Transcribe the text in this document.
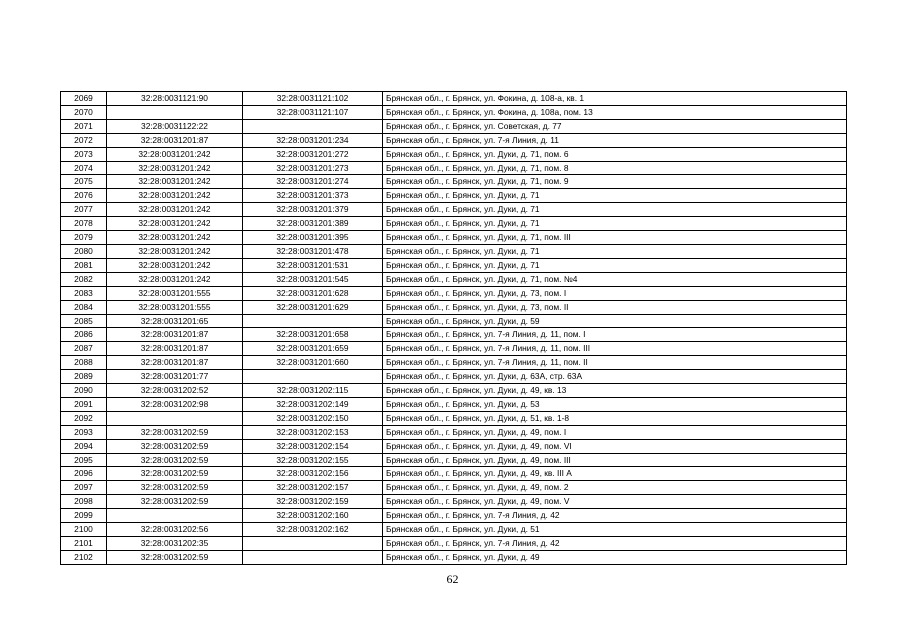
2069	32:28:0031121:90	32:28:0031121:102	Брянская обл., г. Брянск, ул. Фокина, д. 108-а, кв. 1
2070		32:28:0031121:107	Брянская обл., г. Брянск, ул. Фокина, д. 108а, пом. 13
2071	32:28:0031122:22		Брянская обл., г. Брянск, ул. Советская, д. 77
2072	32:28:0031201:87	32:28:0031201:234	Брянская обл., г. Брянск, ул. 7-я Линия, д. 11
2073	32:28:0031201:242	32:28:0031201:272	Брянская обл., г. Брянск, ул. Дуки, д. 71, пом. 6
2074	32:28:0031201:242	32:28:0031201:273	Брянская обл., г. Брянск, ул. Дуки, д. 71, пом. 8
2075	32:28:0031201:242	32:28:0031201:274	Брянская обл., г. Брянск, ул. Дуки, д. 71, пом. 9
2076	32:28:0031201:242	32:28:0031201:373	Брянская обл., г. Брянск, ул. Дуки, д. 71
2077	32:28:0031201:242	32:28:0031201:379	Брянская обл., г. Брянск, ул. Дуки, д. 71
2078	32:28:0031201:242	32:28:0031201:389	Брянская обл., г. Брянск, ул. Дуки, д. 71
2079	32:28:0031201:242	32:28:0031201:395	Брянская обл., г. Брянск, ул. Дуки, д. 71, пом. III
2080	32:28:0031201:242	32:28:0031201:478	Брянская обл., г. Брянск, ул. Дуки, д. 71
2081	32:28:0031201:242	32:28:0031201:531	Брянская обл., г. Брянск, ул. Дуки, д. 71
2082	32:28:0031201:242	32:28:0031201:545	Брянская обл., г. Брянск, ул. Дуки, д. 71, пом. №4
2083	32:28:0031201:555	32:28:0031201:628	Брянская обл., г. Брянск, ул. Дуки, д. 73, пом. I
2084	32:28:0031201:555	32:28:0031201:629	Брянская обл., г. Брянск, ул. Дуки, д. 73, пом. II
2085	32:28:0031201:65		Брянская обл., г. Брянск, ул. Дуки, д. 59
2086	32:28:0031201:87	32:28:0031201:658	Брянская обл., г. Брянск, ул. 7-я Линия, д. 11, пом. I
2087	32:28:0031201:87	32:28:0031201:659	Брянская обл., г. Брянск, ул. 7-я Линия, д. 11, пом. III
2088	32:28:0031201:87	32:28:0031201:660	Брянская обл., г. Брянск, ул. 7-я Линия, д. 11, пом. II
2089	32:28:0031201:77		Брянская обл., г. Брянск, ул. Дуки, д. 63А, стр. 63А
2090	32:28:0031202:52	32:28:0031202:115	Брянская обл., г. Брянск, ул. Дуки, д. 49, кв. 13
2091	32:28:0031202:98	32:28:0031202:149	Брянская обл., г. Брянск, ул. Дуки, д. 53
2092		32:28:0031202:150	Брянская обл., г. Брянск, ул. Дуки, д. 51, кв. 1-8
2093	32:28:0031202:59	32:28:0031202:153	Брянская обл., г. Брянск, ул. Дуки, д. 49, пом. I
2094	32:28:0031202:59	32:28:0031202:154	Брянская обл., г. Брянск, ул. Дуки, д. 49, пом. VI
2095	32:28:0031202:59	32:28:0031202:155	Брянская обл., г. Брянск, ул. Дуки, д. 49, пом. III
2096	32:28:0031202:59	32:28:0031202:156	Брянская обл., г. Брянск, ул. Дуки, д. 49, кв. III А
2097	32:28:0031202:59	32:28:0031202:157	Брянская обл., г. Брянск, ул. Дуки, д. 49, пом. 2
2098	32:28:0031202:59	32:28:0031202:159	Брянская обл., г. Брянск, ул. Дуки, д. 49, пом. V
2099		32:28:0031202:160	Брянская обл., г. Брянск, ул. 7-я Линия, д. 42
2100	32:28:0031202:56	32:28:0031202:162	Брянская обл., г. Брянск, ул. Дуки, д. 51
2101	32:28:0031202:35		Брянская обл., г. Брянск, ул. 7-я Линия, д. 42
2102	32:28:0031202:59		Брянская обл., г. Брянск, ул. Дуки, д. 49
62
